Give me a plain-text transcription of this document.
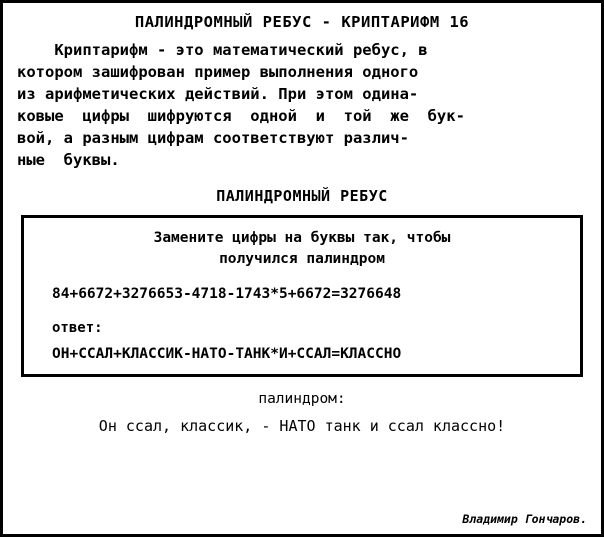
ПАЛИНДРОМНЫЙ РЕБУС - КРИПТАРИФМ 16
Криптарифм - это математический ребус, в
котором зашифрован пример выполнения одного
из арифметических действий. При этом одина-
ковые  цифры  шифруются  одной  и  той  же  бук-
вой, а разным цифрам соответствуют различ-
ные  буквы.
ПАЛИНДРОМНЫЙ РЕБУС
Замените цифры на буквы так, чтобы
получился палиндром
84+6672+3276653-4718-1743*5+6672=3276648
ответ:
ОН+ССАЛ+КЛАССИК-НАТО-ТАНК*И+ССАЛ=КЛАССНО
палиндром:
Он ссал, классик, - НАТО танк и ссал классно!
Владимир Гончаров.
